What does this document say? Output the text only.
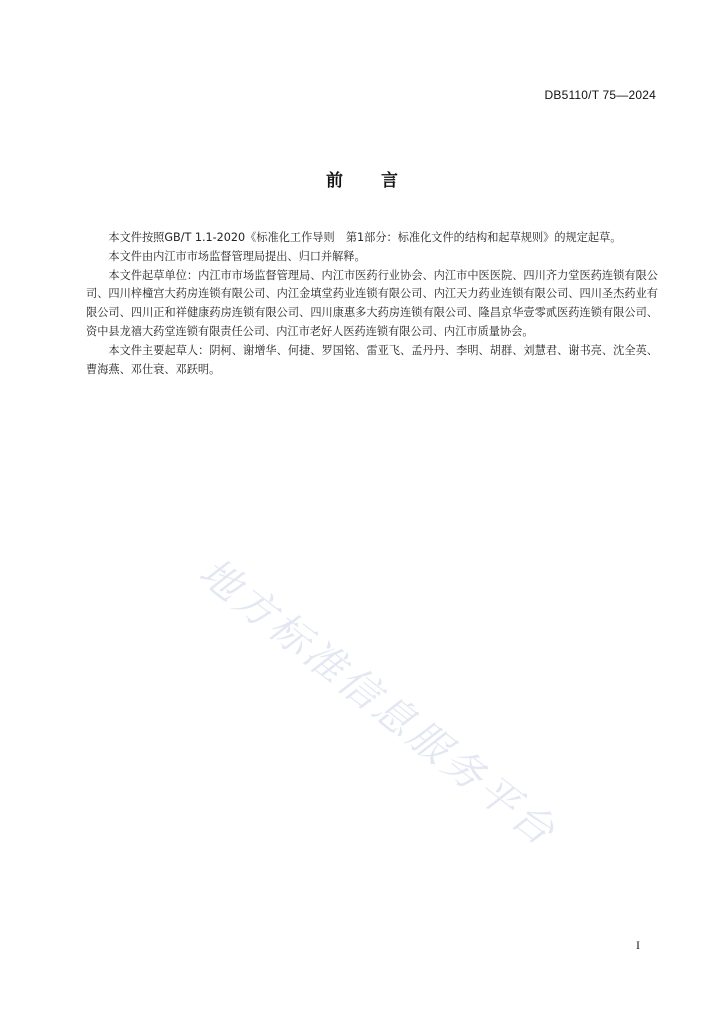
DB5110/T 75—2024
前言

本文件按照GB/T 1.1-2020《标准化工作导则　第1部分：标准化文件的结构和起草规则》的规定起草。

本文件由内江市市场监督管理局提出、归口并解释。

本文件起草单位：内江市市场监督管理局、内江市医药行业协会、内江市中医医院、四川齐力堂医药连锁有限公司、四川梓橦宫大药房连锁有限公司、内江金填堂药业连锁有限公司、内江天力药业连锁有限公司、四川圣杰药业有限公司、四川正和祥健康药房连锁有限公司、四川康惠多大药房连锁有限公司、隆昌京华壹零贰医药连锁有限公司、资中县龙禧大药堂连锁有限责任公司、内江市老好人医药连锁有限公司、内江市质量协会。

本文件主要起草人：阴柯、谢增华、何捷、罗国铭、雷亚飞、孟丹丹、李明、胡群、刘慧君、谢书亮、沈全英、曹海燕、邓仕衰、邓跃明。

地方标准信息服务平台
I
